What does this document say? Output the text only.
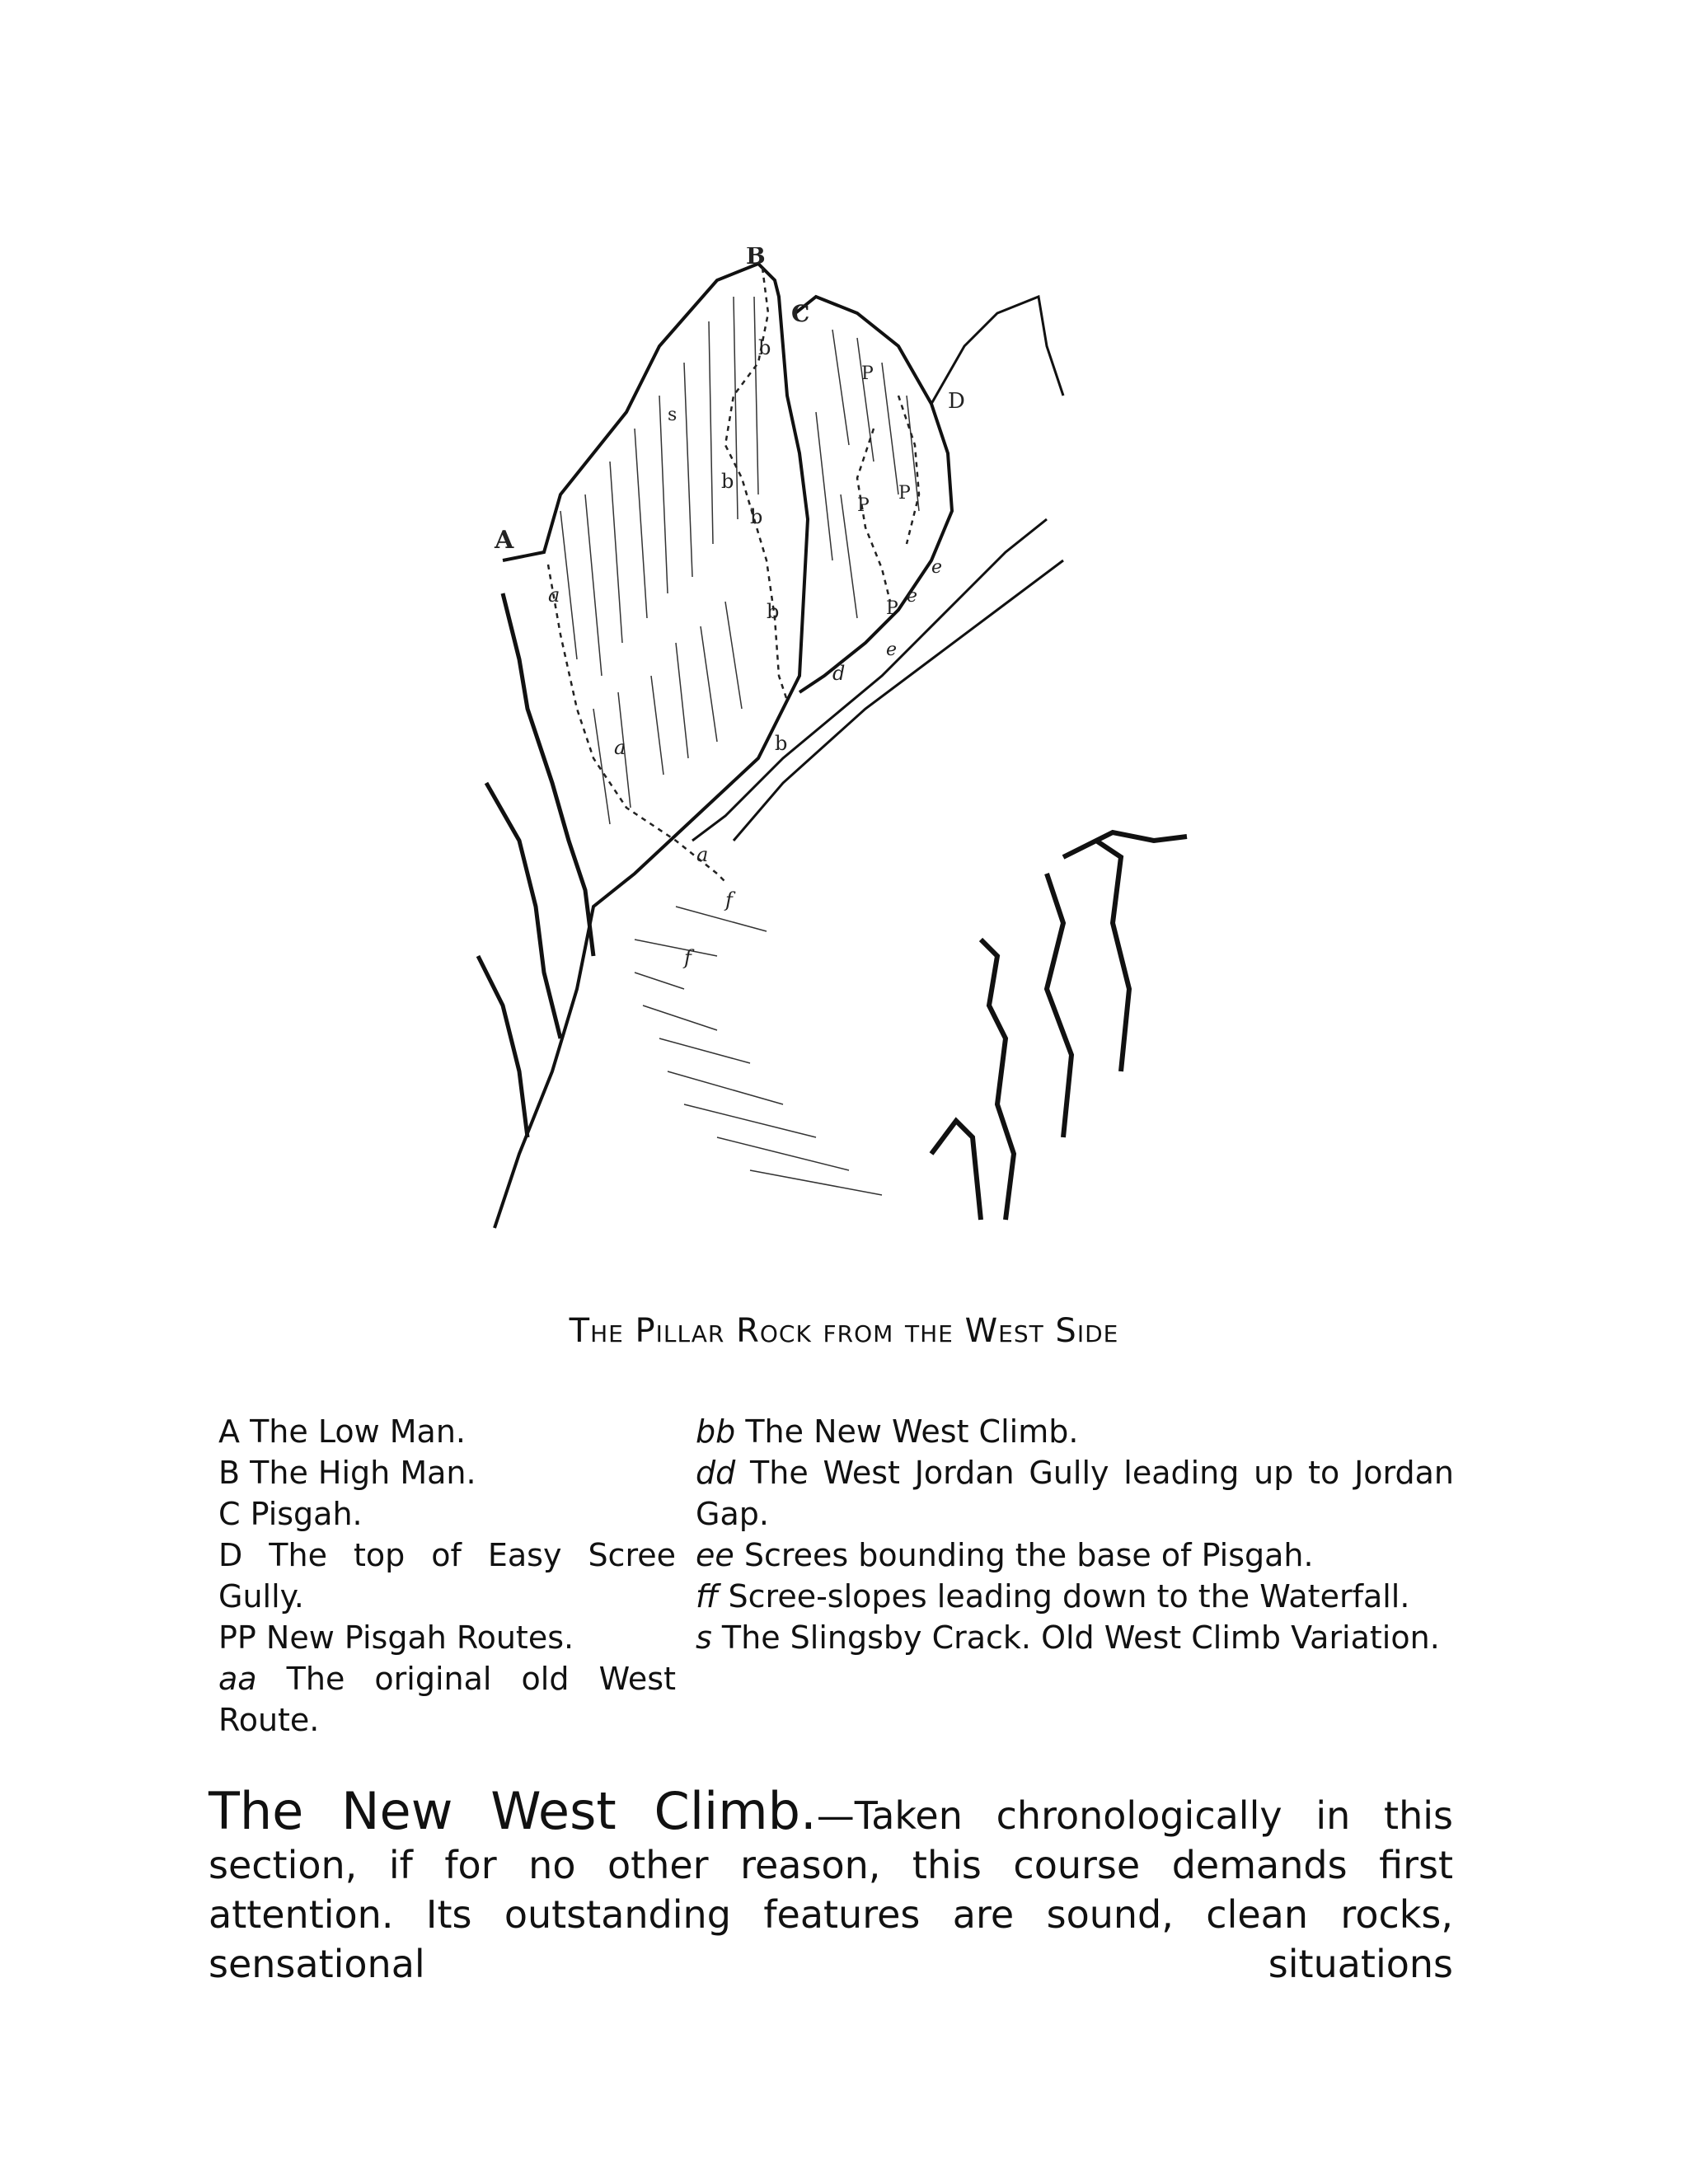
A
B
C
D
a
a
a
b
b
b
b
b
P
P
P
P
d
e
e
e
s
f
f
The Pillar Rock from the West Side
A The Low Man.
B The High Man.
C Pisgah.
D The top of Easy Scree Gully.
PP New Pisgah Routes.
aa The original old West Route.
bb The New West Climb.
dd The West Jordan Gully leading up to Jordan Gap.
ee Screes bounding the base of Pisgah.
ff Scree-slopes leading down to the Waterfall.
s The Slingsby Crack. Old West Climb Variation.
The New West Climb.—Taken chronologically in this section, if for no other reason, this course demands first attention. Its outstanding features are sound, clean rocks, sensational situations
